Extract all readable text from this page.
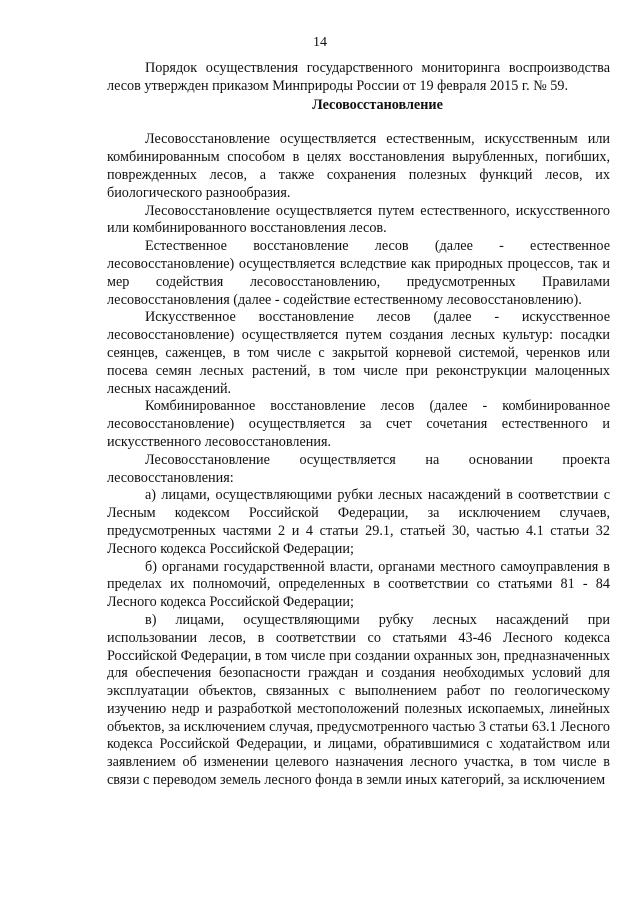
14

Порядок осуществления государственного мониторинга воспроизводства лесов утвержден приказом Минприроды России от 19 февраля 2015 г. № 59.

Лесовосстановление

Лесовосстановление осуществляется естественным, искусственным или комбинированным способом в целях восстановления вырубленных, погибших, поврежденных лесов, а также сохранения полезных функций лесов, их биологического разнообразия.

Лесовосстановление осуществляется путем естественного, искусственного или комбинированного восстановления лесов.

Естественное восстановление лесов (далее - естественное лесовосстановление) осуществляется вследствие как природных процессов, так и мер содействия лесовосстановлению, предусмотренных Правилами лесовосстановления (далее - содействие естественному лесовосстановлению).

Искусственное восстановление лесов (далее - искусственное лесовосстановление) осуществляется путем создания лесных культур: посадки сеянцев, саженцев, в том числе с закрытой корневой системой, черенков или посева семян лесных растений, в том числе при реконструкции малоценных лесных насаждений.

Комбинированное восстановление лесов (далее - комбинированное лесовосстановление) осуществляется за счет сочетания естественного и искусственного лесовосстановления.

Лесовосстановление осуществляется на основании проекта лесовосстановления:

а) лицами, осуществляющими рубки лесных насаждений в соответствии с Лесным кодексом Российской Федерации, за исключением случаев, предусмотренных частями 2 и 4 статьи 29.1, статьей 30, частью 4.1 статьи 32 Лесного кодекса Российской Федерации;

б) органами государственной власти, органами местного самоуправления в пределах их полномочий, определенных в соответствии со статьями 81 - 84 Лесного кодекса Российской Федерации;

в) лицами, осуществляющими рубку лесных насаждений при использовании лесов, в соответствии со статьями 43-46 Лесного кодекса Российской Федерации, в том числе при создании охранных зон, предназначенных для обеспечения безопасности граждан и создания необходимых условий для эксплуатации объектов, связанных с выполнением работ по геологическому изучению недр и разработкой местоположений полезных ископаемых, линейных объектов, за исключением случая, предусмотренного частью 3 статьи 63.1 Лесного кодекса Российской Федерации, и лицами, обратившимися с ходатайством или заявлением об изменении целевого назначения лесного участка, в том числе в связи с переводом земель лесного фонда в земли иных категорий, за исключением
